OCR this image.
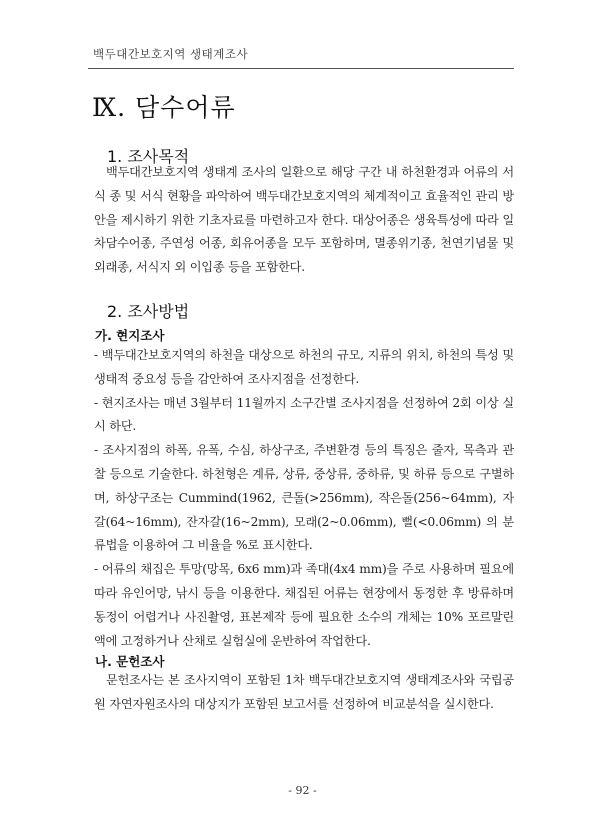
백두대간보호지역 생태계조사
Ⅸ. 담수어류
1. 조사목적
백두대간보호지역 생태계 조사의 일환으로 해당 구간 내 하천환경과 어류의 서식 종 및 서식 현황을 파악하여 백두대간보호지역의 체계적이고 효율적인 관리 방안을 제시하기 위한 기초자료를 마련하고자 한다. 대상어종은 생육특성에 따라 일차담수어종, 주연성 어종, 회유어종을 모두 포함하며, 멸종위기종, 천연기념물 및 외래종, 서식지 외 이입종 등을 포함한다.
2. 조사방법
가. 현지조사
- 백두대간보호지역의 하천을 대상으로 하천의 규모, 지류의 위치, 하천의 특성 및 생태적 중요성 등을 감안하여 조사지점을 선정한다.
- 현지조사는 매년 3월부터 11월까지 소구간별 조사지점을 선정하여 2회 이상 실시 하단.
- 조사지점의 하폭, 유폭, 수심, 하상구조, 주변환경 등의 특징은 줄자, 목측과 관찰 등으로 기술한다. 하천형은 계류, 상류, 중상류, 중하류, 및 하류 등으로 구별하며, 하상구조는 Cummind(1962, 큰돌(>256mm), 작은돌(256~64mm), 자갈(64~16mm), 잔자갈(16~2mm), 모래(2~0.06mm), 뻘(<0.06mm) 의 분류법을 이용하여 그 비율을 %로 표시한다.
- 어류의 채집은 투망(망목, 6x6 mm)과 족대(4x4 mm)을 주로 사용하며 필요에 따라 유인어망, 낚시 등을 이용한다. 채집된 어류는 현장에서 동정한 후 방류하며 동정이 어렵거나 사진촬영, 표본제작 등에 필요한 소수의 개체는 10% 포르말린액에 고정하거나 산채로 실험실에 운반하여 작업한다.
나. 문헌조사
문헌조사는 본 조사지역이 포함된 1차 백두대간보호지역 생태계조사와 국립공원 자연자원조사의 대상지가 포함된 보고서를 선정하여 비교분석을 실시한다.
- 92 -
